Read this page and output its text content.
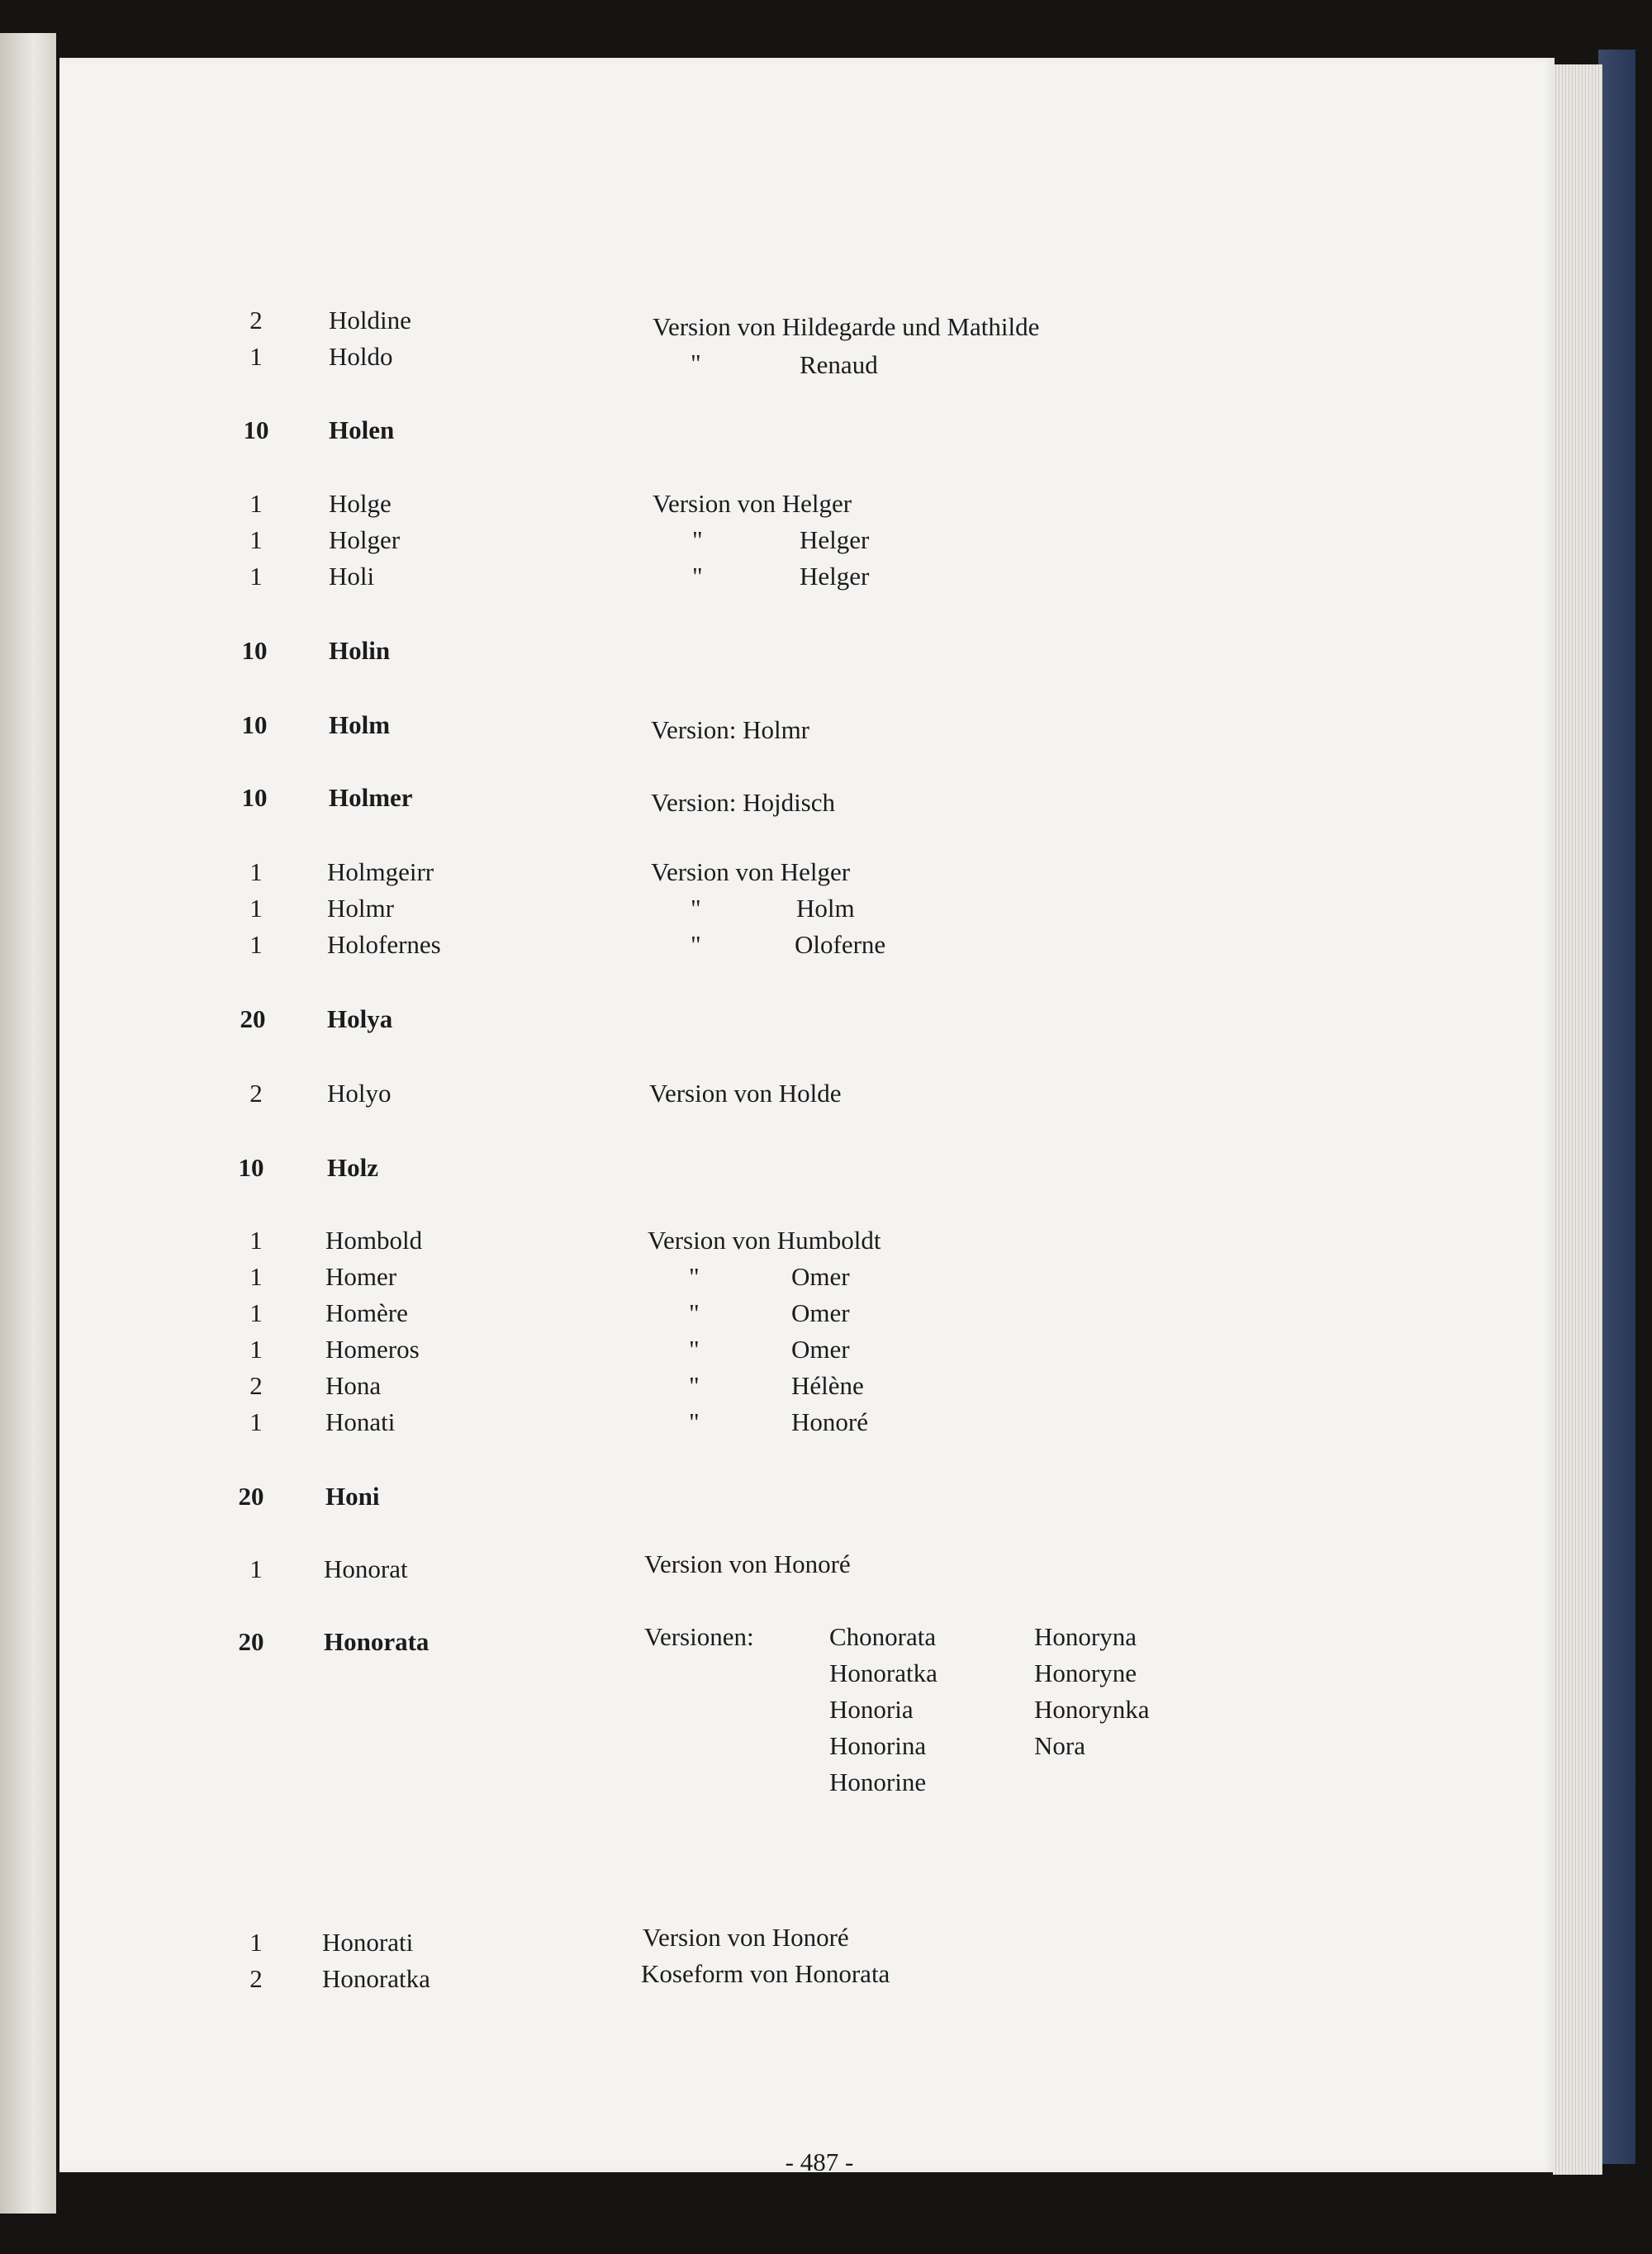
2	Holdine	Version von Hildegarde und Mathilde
1	Holdo	"	Renaud
10	Holen
1	Holge	Version von Helger
1	Holger	"	Helger
1	Holi	"	Helger
10	Holin
10	Holm	Version: Holmr
10	Holmer	Version: Hojdisch
1	Holmgeirr	Version von Helger
1	Holmr	"	Holm
1	Holofernes	"	Oloferne
20	Holya
2	Holyo	Version von Holde
10	Holz
1	Hombold	Version von Humboldt
1	Homer	"	Omer
1	Homère	"	Omer
1	Homeros	"	Omer
2	Hona	"	Hélène
1	Honati	"	Honoré
20	Honi
1	Honorat	Version von Honoré
20	Honorata	Versionen:	Chonorata	Honoryna
Honoratka	Honoryne
Honoria	Honorynka
Honorina	Nora
Honorine
1	Honorati	Version von Honoré
2	Honoratka	Koseform von Honorata
- 487 -
